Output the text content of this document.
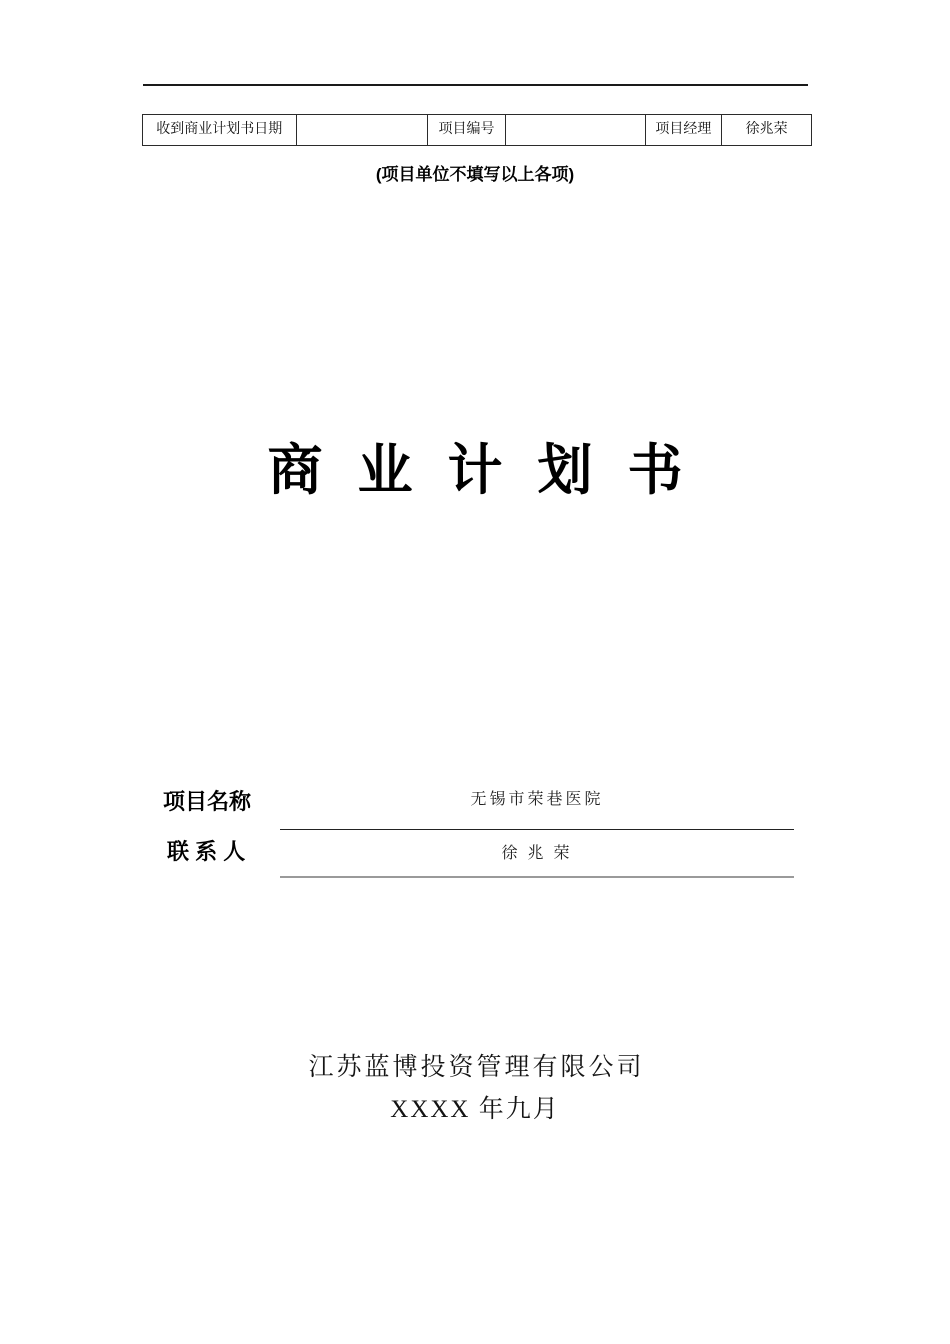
收到商业计划书日期	项目编号	项目经理	徐兆荣
(项目单位不填写以上各项)
商业计划书
项目名称	无锡市荣巷医院
联 系 人	徐 兆 荣
江苏蓝博投资管理有限公司
XXXX 年九月
